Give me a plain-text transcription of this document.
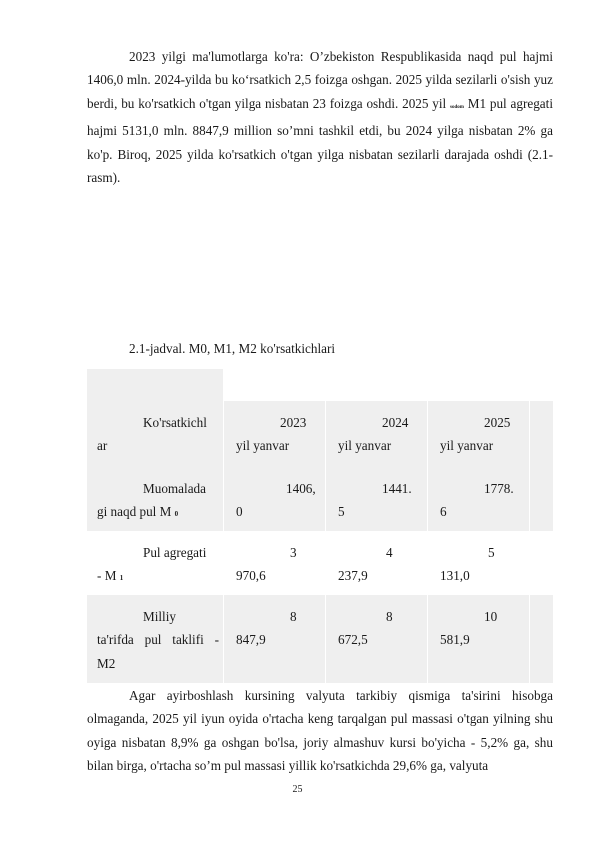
2023 yilgi ma'lumotlarga ko'ra: O’zbekiston Respublikasida naqd pul hajmi 1406,0 mln. 2024-yilda bu ko‘rsatkich 2,5 foizga oshgan. 2025 yilda sezilarli o'sish yuz berdi, bu ko'rsatkich o'tgan yilga nisbatan 23 foizga oshdi. 2025 yil sodom M1 pul agregati hajmi 5131,0 mln. 8847,9 million so’mni tashkil etdi, bu 2024 yilga nisbatan 2% ga ko'p. Biroq, 2025 yilda ko'rsatkich o'tgan yilga nisbatan sezilarli darajada oshdi (2.1-rasm).

2.1-jadval. M0, M1, M2 ko'rsatkichlari
Ko'rsatkichl
ar
2023
yil yanvar
2024
yil yanvar
2025
yil yanvar
Muomalada
gi naqd pul M 0
1406,
0
1441.
5
1778.
6
Pul agregati
- M 1
3
970,6
4
237,9
5
131,0
Milliy
ta'rifda pul taklifi -
M2
8
847,9
8
672,5
10
581,9

Agar ayirboshlash kursining valyuta tarkibiy qismiga ta'sirini hisobga olmaganda, 2025 yil iyun oyida o'rtacha keng tarqalgan pul massasi o'tgan yilning shu oyiga nisbatan 8,9% ga oshgan bo'lsa, joriy almashuv kursi bo'yicha - 5,2% ga, shu bilan birga, o'rtacha so’m pul massasi yillik ko'rsatkichda 29,6% ga, valyuta

25
